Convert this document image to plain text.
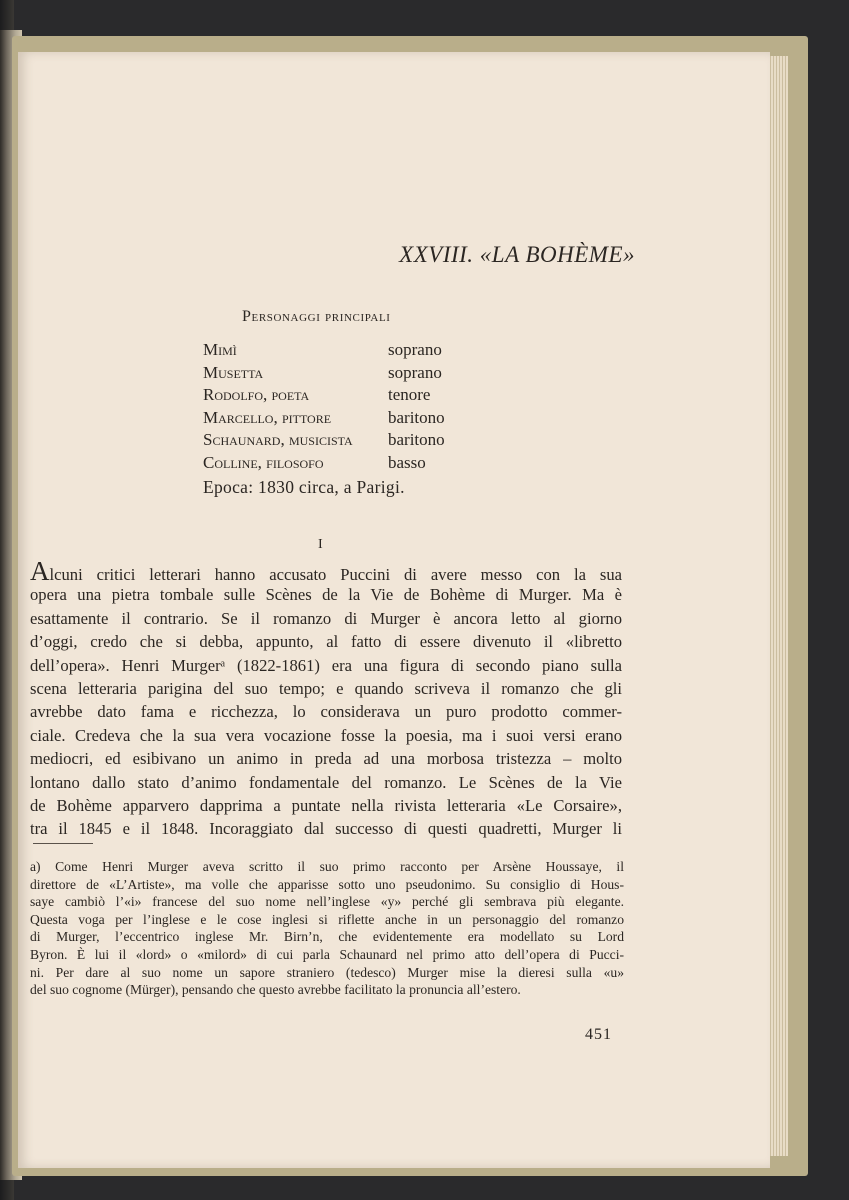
XXVIII. «LA BOHÈME»
Personaggi principali
Mimì	soprano
Musetta	soprano
Rodolfo, poeta	tenore
Marcello, pittore	baritono
Schaunard, musicista baritono
Colline, filosofo	basso
Epoca: 1830 circa, a Parigi.
I
Alcuni critici letterari hanno accusato Puccini di avere messo con la sua
opera una pietra tombale sulle Scènes de la Vie de Bohème di Murger. Ma è
esattamente il contrario. Se il romanzo di Murger è ancora letto al giorno
d’oggi, credo che si debba, appunto, al fatto di essere divenuto il «libretto
dell’opera». Henri Murgerᵃ (1822-1861) era una figura di secondo piano sulla
scena letteraria parigina del suo tempo; e quando scriveva il romanzo che gli
avrebbe dato fama e ricchezza, lo considerava un puro prodotto commer-
ciale. Credeva che la sua vera vocazione fosse la poesia, ma i suoi versi erano
mediocri, ed esibivano un animo in preda ad una morbosa tristezza – molto
lontano dallo stato d’animo fondamentale del romanzo. Le Scènes de la Vie
de Bohème apparvero dapprima a puntate nella rivista letteraria «Le Corsaire»,
tra il 1845 e il 1848. Incoraggiato dal successo di questi quadretti, Murger li
a) Come Henri Murger aveva scritto il suo primo racconto per Arsène Houssaye, il
direttore de «L’Artiste», ma volle che apparisse sotto uno pseudonimo. Su consiglio di Hous-
saye cambiò l’«i» francese del suo nome nell’inglese «y» perché gli sembrava più elegante.
Questa voga per l’inglese e le cose inglesi si riflette anche in un personaggio del romanzo
di Murger, l’eccentrico inglese Mr. Birn’n, che evidentemente era modellato su Lord
Byron. È lui il «lord» o «milord» di cui parla Schaunard nel primo atto dell’opera di Pucci-
ni. Per dare al suo nome un sapore straniero (tedesco) Murger mise la dieresi sulla «u»
del suo cognome (Mürger), pensando che questo avrebbe facilitato la pronuncia all’estero.
451
